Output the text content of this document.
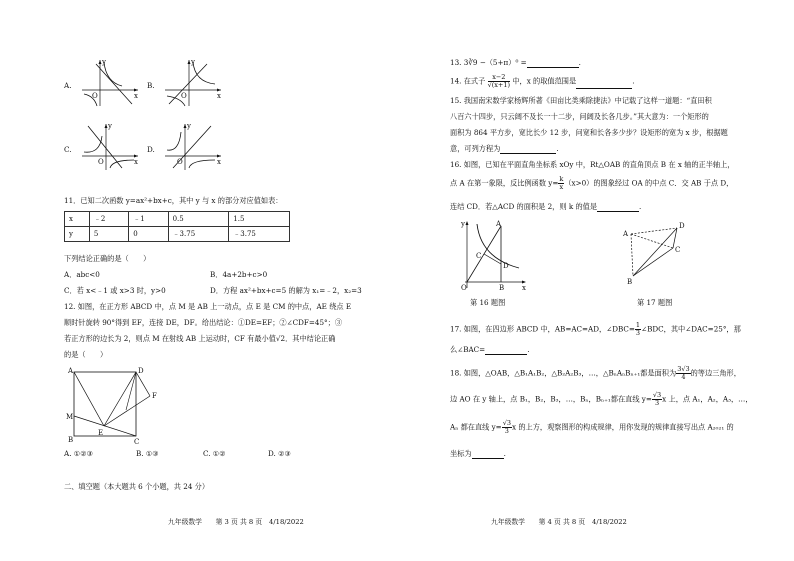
A.
y
x
O
B.
y
x
O
C.
y
x
O
D.
y
x
O
11．已知二次函数 y=ax²+bx+c，其中 y 与 x 的部分对应值如表：
x	﹣2	﹣1	0.5	1.5
y	5	0	﹣3.75	﹣3.75
下列结论正确的是（　　）
A．abc<0	B．4a+2b+c>0
C．若 x<﹣1 或 x>3 时，y>0	D．方程 ax²+bx+c=5 的解为 x₁=﹣2，x₂=3
12. 如图，在正方形 ABCD 中，点 M 是 AB 上一动点，点 E 是 CM 的中点，AE 绕点 E
顺时针旋转 90°得到 EF，连接 DE，DF。给出结论：①DE=EF；②∠CDF=45°；③
若正方形的边长为 2，则点 M 在射线 AB 上运动时，CF 有最小值√2．其中结论正确
的是（　　）
A	D
B	C
M
E
F
A. ①②③	B. ①③	C. ①②	D. ②③
二、填空题（本大题共 6 个小题，共 24 分）
九年级数学　　第 3 页 共 8 页　4/18/2022
13. 3∛9 −（5+π）⁰ =	.
14. 在式子 $\frac{x-2}{√(x+1)}$ 中，x 的取值范围是	.
15. 我国南宋数学家杨辉所著《田亩比类乘除捷法》中记载了这样一道题：“直田积
八百六十四步，只云阔不及长一十二步，问阔及长各几步。”其大意为：一个矩形的
面积为 864 平方步，宽比长少 12 步，问宽和长各多少步？设矩形的宽为 x 步，根据题
意，可列方程为	.
16. 如图，已知在平面直角坐标系 xOy 中，Rt△OAB 的直角顶点 B 在 x 轴的正半轴上，
点 A 在第一象限，反比例函数 $y= \frac{k}{x} (x>0)$的图象经过 OA 的中点 C．交 AB 于点 D，
连结 CD．若△ACD 的面积是 2，则 k 的值是	.
y
x
A
C
D
O	B
第 16 题图
A
D
C
B
第 17 题图
17. 如图，在四边形 ABCD 中，AB=AC=AD，∠DBC= $\frac{1}{3}$ ∠BDC，其中∠DAC=25°，那
么∠BAC=	.
18. 如图，△OAB，△B₁A₁B₂，△B₂A₂B₃，…，△BₙAₙBₙ₊₁都是面积为 $\frac{3√3}{4}$ 的等边三角形，
边 AO 在 y 轴上，点 B₁，B₂，B₃，…，Bₙ，Bₙ₊₁都在直线 $y= \frac{√3}{3}$ x 上，点 A₁，A₂，A₃，…，
Aₙ 都在直线 $y= \frac{√3}{3}$ x 的上方，观察图形的构成规律，用你发现的规律直接写出点 A₂₀₂₁ 的
坐标为	.
九年级数学　　第 4 页 共 8 页　4/18/2022
